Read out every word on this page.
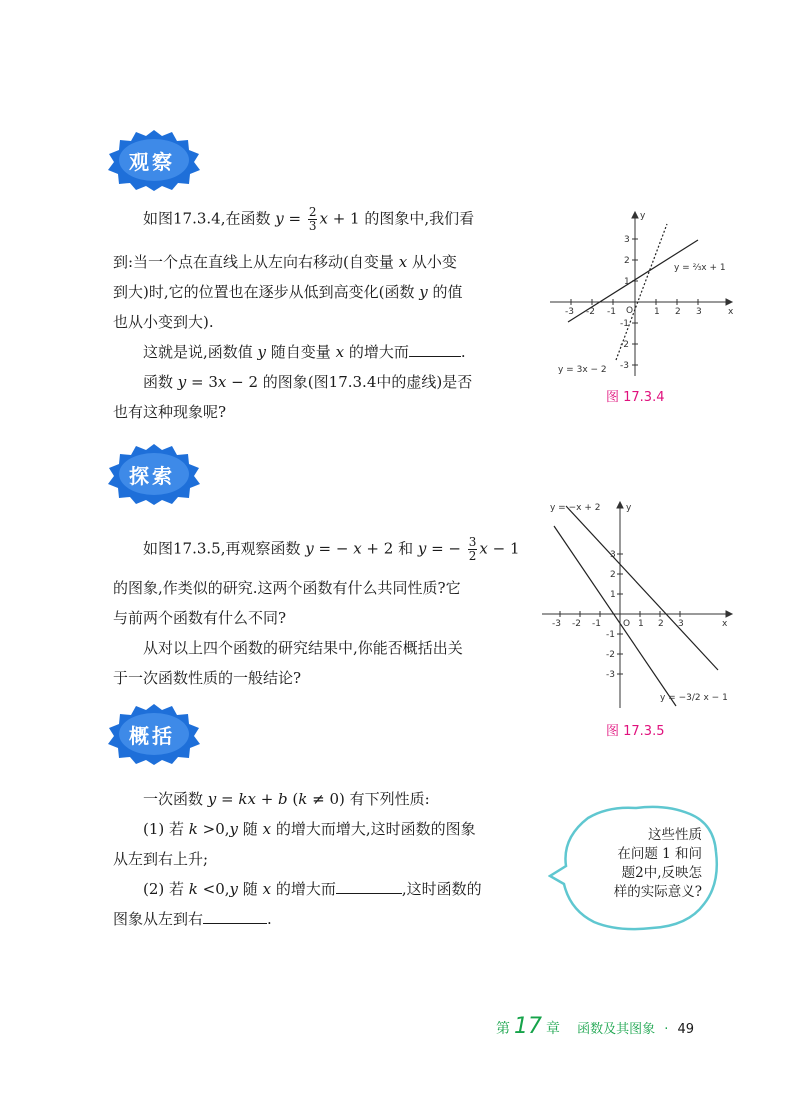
观察
如图17.3.4,在函数 $y = \frac{2}{3}$ x + 1 的图象中,我们看
到:当一个点在直线上从左向右移动(自变量 x 从小变
到大)时,它的位置也在逐步从低到高变化(函数 y 的值
也从小变到大).
这就是说,函数值 y 随自变量 x 的增大而	.
函数 y = 3x − 2 的图象(图17.3.4中的虚线)是否
也有这种现象呢?
x
y
O
-3 -2 -1	1 2 3
3
2
1
-1
-2
-3
y = ⅔x + 1
y = 3x − 2
图 17.3.4
探索
如图17.3.5,再观察函数 y = − x + 2 和 y = − $\frac{3}{2}$ x − 1
的图象,作类似的研究.这两个函数有什么共同性质?它
与前两个函数有什么不同?
从对以上四个函数的研究结果中,你能否概括出关
于一次函数性质的一般结论?
x
y
O
-3 -2 -1	1 2 3
3
2
1
-1
-2
-3
y = −x + 2
y = −3/2 x − 1
图 17.3.5
概括
一次函数 y = kx + b (k ≠ 0) 有下列性质:
(1) 若 k >0,y 随 x 的增大而增大,这时函数的图象
从左到右上升;
(2) 若 k <0,y 随 x 的增大而	,这时函数的
图象从左到右	.
这些性质
在问题 1 和问
题2中,反映怎
样的实际意义?
第 17 章 函数及其图象 · 49
